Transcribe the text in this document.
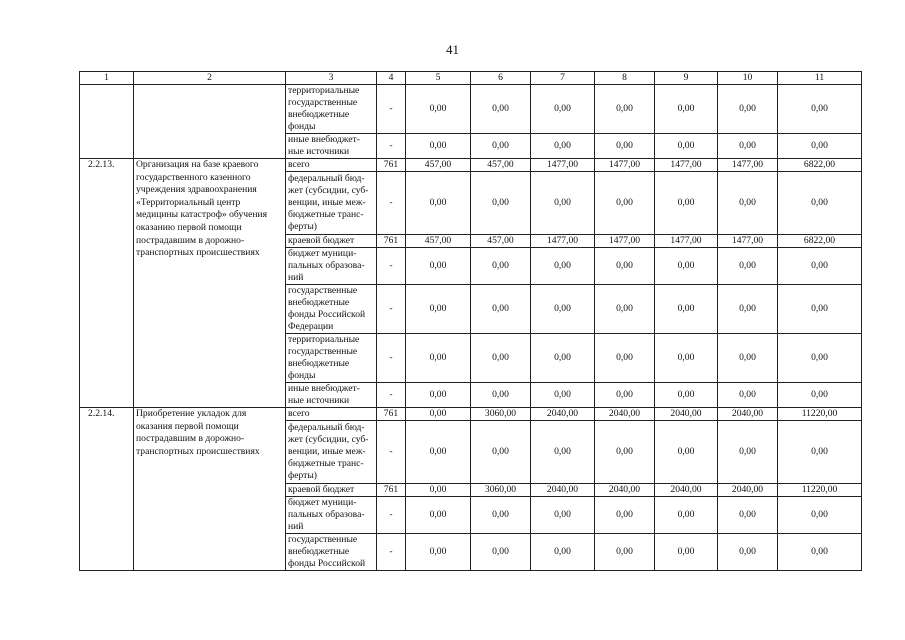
41
1	2	3	4	5	6	7	8	9	10	11
		территориальные
государственные
внебюджетные
фонды	-	0,00	0,00	0,00	0,00	0,00	0,00	0,00
		иные внебюджет-
ные источники	-	0,00	0,00	0,00	0,00	0,00	0,00	0,00
2.2.13.	Организация на базе краевого государственного казенного учреждения здравоохранения «Территориальный центр медицины катастроф» обучения оказанию первой помощи пострадавшим в дорожно-транспортных происшествиях	всего	761	457,00	457,00	1477,00	1477,00	1477,00	1477,00	6822,00
		федеральный бюд-
жет (субсидии, суб-
венции, иные меж-
бюджетные транс-
ферты)	-	0,00	0,00	0,00	0,00	0,00	0,00	0,00
		краевой бюджет	761	457,00	457,00	1477,00	1477,00	1477,00	1477,00	6822,00
		бюджет муници-
пальных образова-
ний	-	0,00	0,00	0,00	0,00	0,00	0,00	0,00
		государственные
внебюджетные
фонды Российской
Федерации	-	0,00	0,00	0,00	0,00	0,00	0,00	0,00
		территориальные
государственные
внебюджетные
фонды	-	0,00	0,00	0,00	0,00	0,00	0,00	0,00
		иные внебюджет-
ные источники	-	0,00	0,00	0,00	0,00	0,00	0,00	0,00
2.2.14.	Приобретение укладок для оказания первой помощи пострадавшим в дорожно-транспортных происшествиях	всего	761	0,00	3060,00	2040,00	2040,00	2040,00	2040,00	11220,00
		федеральный бюд-
жет (субсидии, суб-
венции, иные меж-
бюджетные транс-
ферты)	-	0,00	0,00	0,00	0,00	0,00	0,00	0,00
		краевой бюджет	761	0,00	3060,00	2040,00	2040,00	2040,00	2040,00	11220,00
		бюджет муници-
пальных образова-
ний	-	0,00	0,00	0,00	0,00	0,00	0,00	0,00
		государственные
внебюджетные
фонды Российской	-	0,00	0,00	0,00	0,00	0,00	0,00	0,00
